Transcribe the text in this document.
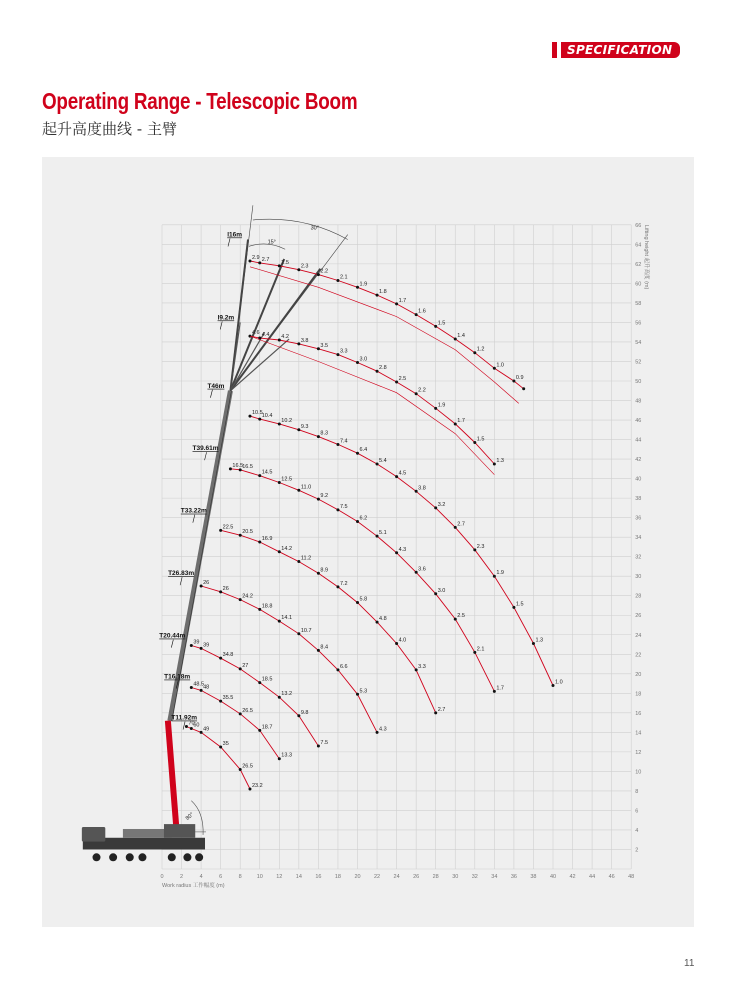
SPECIFICATION
Operating Range - Telescopic Boom
起升高度曲线 - 主臂
11
0	2	4	6	8	10 12 14 16 18 20 22 24 26 28 30 32 34 36 38 40 42 44 46 48
2
4
6
8
10
12
14
16
18
20
22
24
26
28
30
32
34
36
38
40
42
44
46
48
50
52
54
56
58
60
62
64
66
Work radius 工作幅度 (m)
Lifting height 起升高度 (m)
15°
30°
80°
70
60
49
35
26.5
23.2
48.5 48
35.5
26.5
18.7
13.3
39 39
34.8
27
18.5
13.2
9.8
7.5
26
26
24.2
18.8
14.1
10.7
8.4
6.6
5.3
4.3
22.5
20.5
16.9
14.2
11.2
8.9
7.2
5.8
4.8
4.0
3.3
2.7
16.5 16.5
14.5
12.5
11.0
9.2
7.5
6.2
5.1
4.3
3.6
3.0
2.5
2.1
1.7
10.5 10.4
10.2
9.3
8.3
7.4
6.4
5.4
4.5
3.8
3.2
2.7
2.3
1.9
1.5
1.3
1.0
4.6 4.4 4.2
3.8
3.5
3.3
3.0
2.8
2.5
2.2
1.9
1.7
1.5
1.3
2.9 2.7 2.5
2.3
2.2
2.1
1.9
1.8
1.7
1.6
1.5
1.4
1.2
1.0
0.9
T11.92m
T16.18m
T20.44m
T26.83m
T33.22m
T39.61m
T46m
l9.2m
l16m
